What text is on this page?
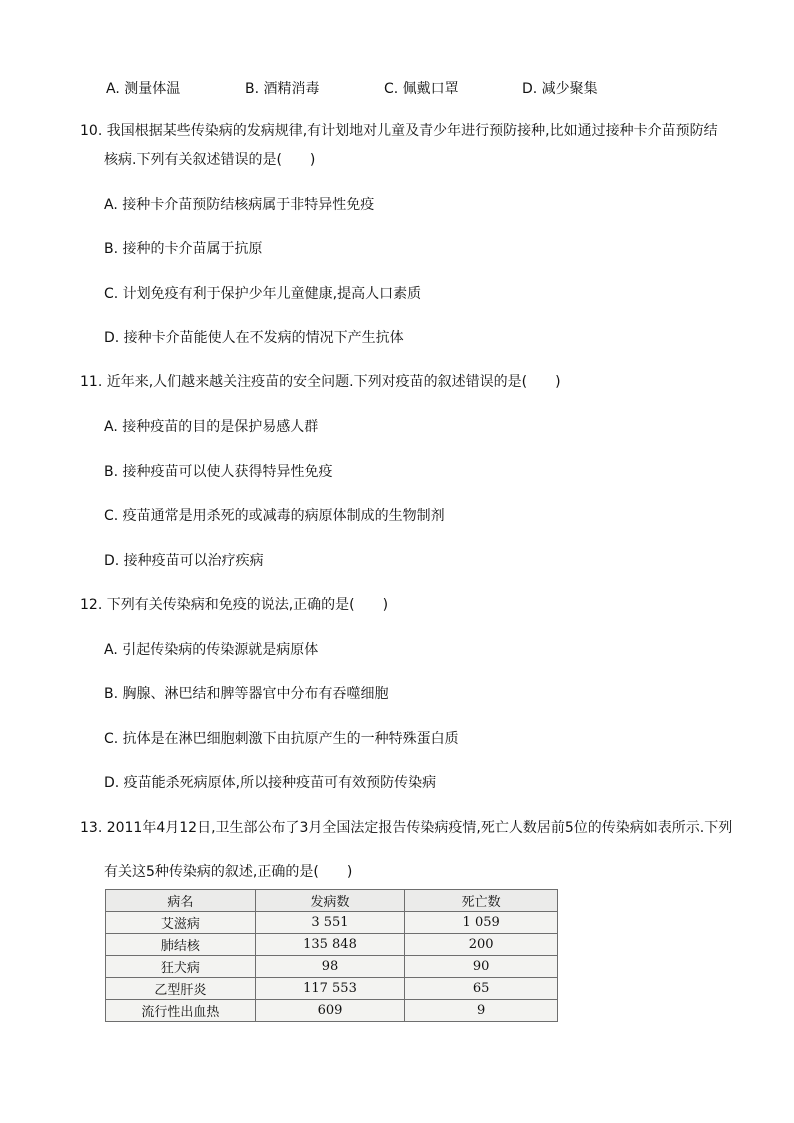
A. 测量体温	B. 酒精消毒	C. 佩戴口罩	D. 减少聚集
10. 我国根据某些传染病的发病规律,有计划地对儿童及青少年进行预防接种,比如通过接种卡介苗预防结
核病.下列有关叙述错误的是(　　)
A. 接种卡介苗预防结核病属于非特异性免疫
B. 接种的卡介苗属于抗原
C. 计划免疫有利于保护少年儿童健康,提高人口素质
D. 接种卡介苗能使人在不发病的情况下产生抗体
11. 近年来,人们越来越关注疫苗的安全问题.下列对疫苗的叙述错误的是(　　)
A. 接种疫苗的目的是保护易感人群
B. 接种疫苗可以使人获得特异性免疫
C. 疫苗通常是用杀死的或减毒的病原体制成的生物制剂
D. 接种疫苗可以治疗疾病
12. 下列有关传染病和免疫的说法,正确的是(　　)
A. 引起传染病的传染源就是病原体
B. 胸腺、淋巴结和脾等器官中分布有吞噬细胞
C. 抗体是在淋巴细胞刺激下由抗原产生的一种特殊蛋白质
D. 疫苗能杀死病原体,所以接种疫苗可有效预防传染病
13. 2011年4月12日,卫生部公布了3月全国法定报告传染病疫情,死亡人数居前5位的传染病如表所示.下列
有关这5种传染病的叙述,正确的是(　　)
病名	发病数	死亡数
艾滋病	3 551	1 059
肺结核	135 848	200
狂犬病	98	90
乙型肝炎	117 553	65
流行性出血热	609	9
